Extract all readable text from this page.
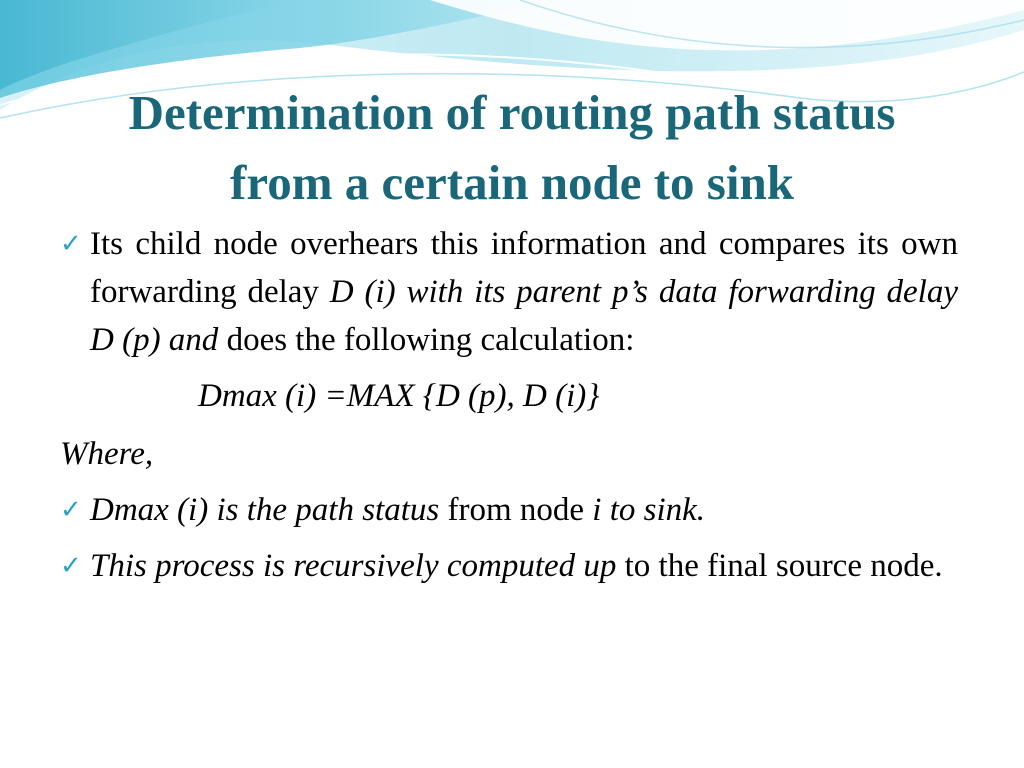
Determination of routing path status
from a certain node to sink
✓ Its child node overhears this information and compares its own forwarding delay D (i) with its parent p’s data forwarding delay D (p) and does the following calculation:
Dmax (i) =MAX {D (p), D (i)}
Where,
✓ Dmax (i) is the path status from node i to sink.
✓ This process is recursively computed up to the final source node.
